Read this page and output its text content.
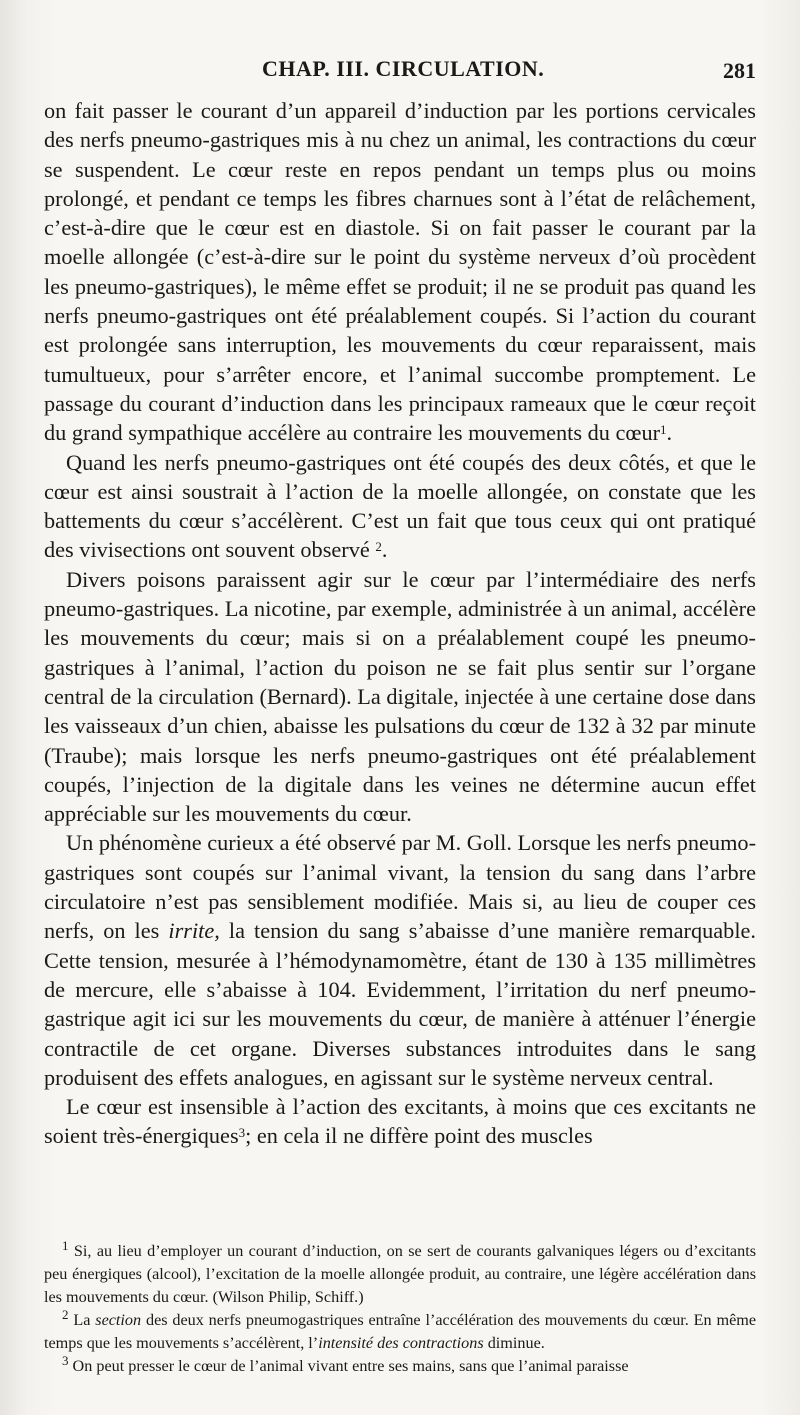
CHAP. III. CIRCULATION.	281

on fait passer le courant d’un appareil d’induction par les portions cervicales des nerfs pneumo-gastriques mis à nu chez un animal, les contractions du cœur se suspendent. Le cœur reste en repos pendant un temps plus ou moins prolongé, et pendant ce temps les fibres charnues sont à l’état de relâchement, c’est-à-dire que le cœur est en diastole. Si on fait passer le courant par la moelle allongée (c’est-à-dire sur le point du système nerveux d’où procèdent les pneumo-gastriques), le même effet se produit; il ne se produit pas quand les nerfs pneumo-gastriques ont été préalablement coupés. Si l’action du courant est prolongée sans interruption, les mouvements du cœur reparaissent, mais tumultueux, pour s’arrêter encore, et l’animal succombe promptement. Le passage du courant d’induction dans les principaux rameaux que le cœur reçoit du grand sympathique accélère au contraire les mouvements du cœur$^1$.

Quand les nerfs pneumo-gastriques ont été coupés des deux côtés, et que le cœur est ainsi soustrait à l’action de la moelle allongée, on constate que les battements du cœur s’accélèrent. C’est un fait que tous ceux qui ont pratiqué des vivisections ont souvent observé $^2$.

Divers poisons paraissent agir sur le cœur par l’intermédiaire des nerfs pneumo-gastriques. La nicotine, par exemple, administrée à un animal, accélère les mouvements du cœur; mais si on a préalablement coupé les pneumo-gastriques à l’animal, l’action du poison ne se fait plus sentir sur l’organe central de la circulation (Bernard). La digitale, injectée à une certaine dose dans les vaisseaux d’un chien, abaisse les pulsations du cœur de 132 à 32 par minute (Traube); mais lorsque les nerfs pneumo-gastriques ont été préalablement coupés, l’injection de la digitale dans les veines ne détermine aucun effet appréciable sur les mouvements du cœur.

Un phénomène curieux a été observé par M. Goll. Lorsque les nerfs pneumo-gastriques sont coupés sur l’animal vivant, la tension du sang dans l’arbre circulatoire n’est pas sensiblement modifiée. Mais si, au lieu de couper ces nerfs, on les irrite, la tension du sang s’abaisse d’une manière remarquable. Cette tension, mesurée à l’hémodynamomètre, étant de 130 à 135 millimètres de mercure, elle s’abaisse à 104. Evidemment, l’irritation du nerf pneumo-gastrique agit ici sur les mouvements du cœur, de manière à atténuer l’énergie contractile de cet organe. Diverses substances introduites dans le sang produisent des effets analogues, en agissant sur le système nerveux central.

Le cœur est insensible à l’action des excitants, à moins que ces excitants ne soient très-énergiques$^3$; en cela il ne diffère point des muscles

$^1$ Si, au lieu d’employer un courant d’induction, on se sert de courants galvaniques légers ou d’excitants peu énergiques (alcool), l’excitation de la moelle allongée produit, au contraire, une légère accélération dans les mouvements du cœur. (Wilson Philip, Schiff.)

$^2$ La section des deux nerfs pneumogastriques entraîne l’accélération des mouvements du cœur. En même temps que les mouvements s’accélèrent, l’intensité des contractions diminue.

$^3$ On peut presser le cœur de l’animal vivant entre ses mains, sans que l’animal paraisse
